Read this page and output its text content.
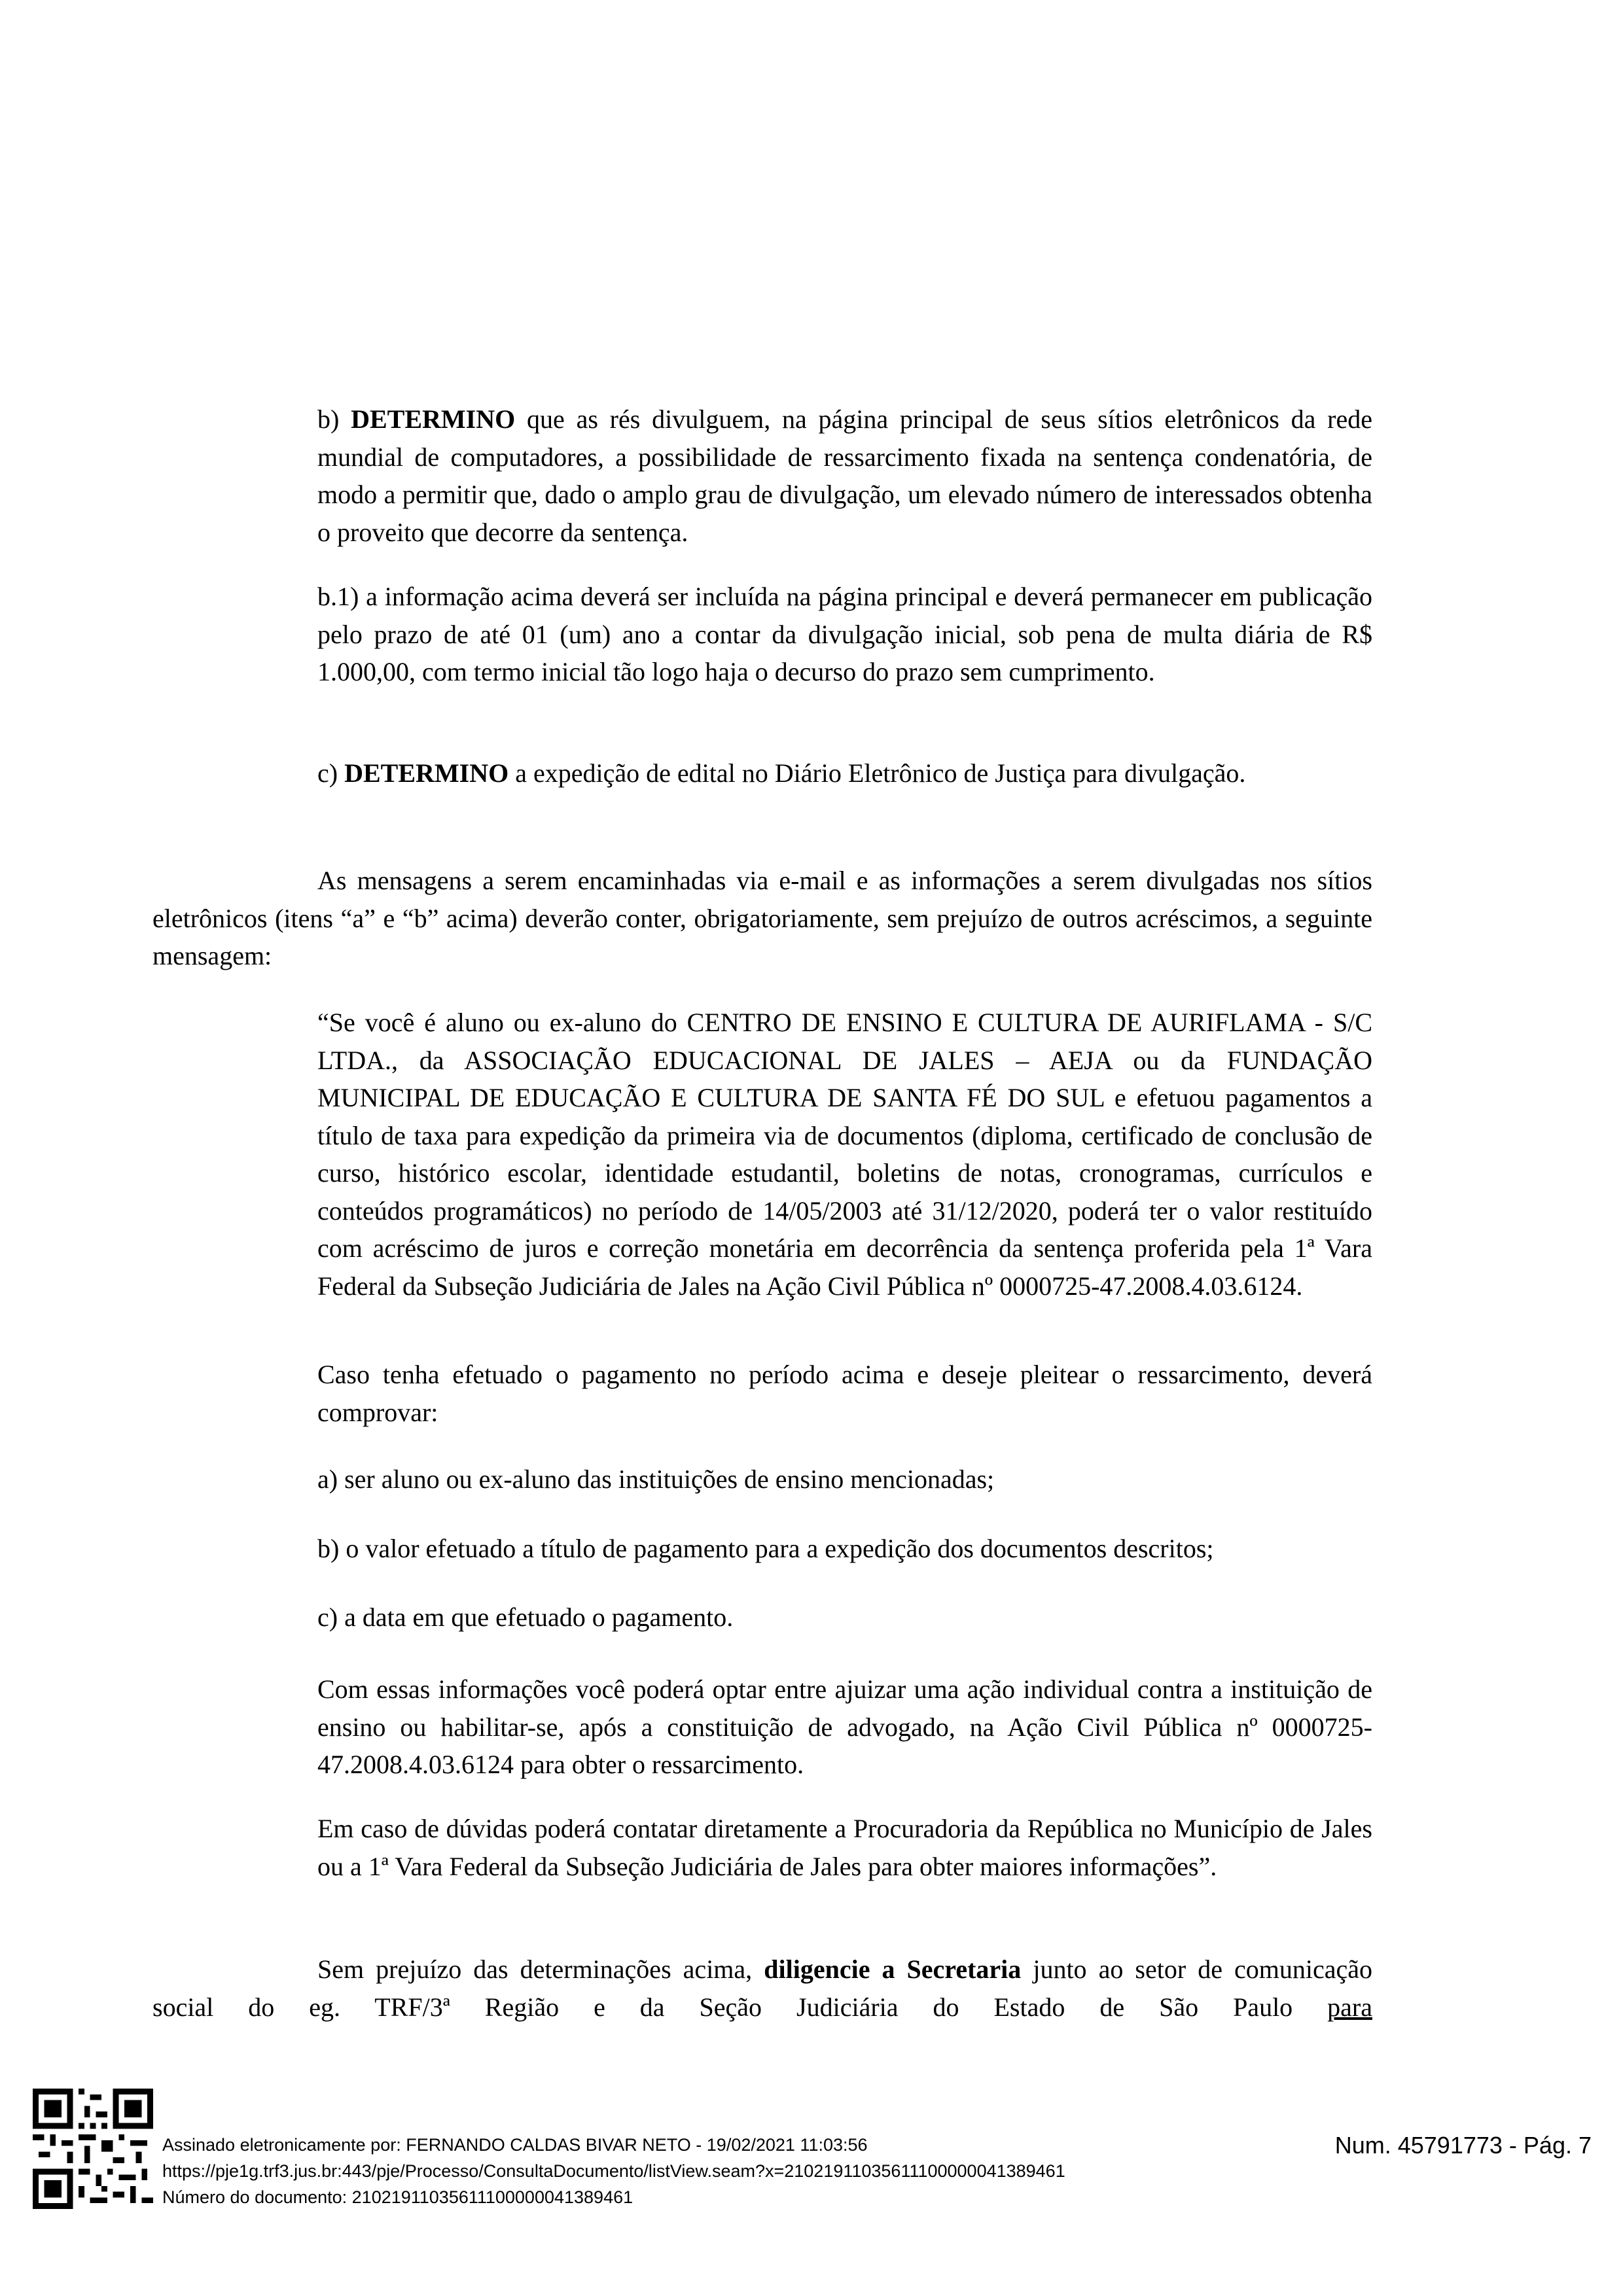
b) DETERMINO que as rés divulguem, na página principal de seus sítios eletrônicos da rede mundial de computadores, a possibilidade de ressarcimento fixada na sentença condenatória, de modo a permitir que, dado o amplo grau de divulgação, um elevado número de interessados obtenha o proveito que decorre da sentença.

b.1) a informação acima deverá ser incluída na página principal e deverá permanecer em publicação pelo prazo de até 01 (um) ano a contar da divulgação inicial, sob pena de multa diária de R$ 1.000,00, com termo inicial tão logo haja o decurso do prazo sem cumprimento.

c) DETERMINO a expedição de edital no Diário Eletrônico de Justiça para divulgação.

As mensagens a serem encaminhadas via e-mail e as informações a serem divulgadas nos sítios eletrônicos (itens “a” e “b” acima) deverão conter, obrigatoriamente, sem prejuízo de outros acréscimos, a seguinte mensagem:

“Se você é aluno ou ex-aluno do CENTRO DE ENSINO E CULTURA DE AURIFLAMA - S/C LTDA., da ASSOCIAÇÃO EDUCACIONAL DE JALES – AEJA ou da FUNDAÇÃO MUNICIPAL DE EDUCAÇÃO E CULTURA DE SANTA FÉ DO SUL e efetuou pagamentos a título de taxa para expedição da primeira via de documentos (diploma, certificado de conclusão de curso, histórico escolar, identidade estudantil, boletins de notas, cronogramas, currículos e conteúdos programáticos) no período de 14/05/2003 até 31/12/2020, poderá ter o valor restituído com acréscimo de juros e correção monetária em decorrência da sentença proferida pela 1ª Vara Federal da Subseção Judiciária de Jales na Ação Civil Pública nº 0000725-47.2008.4.03.6124.

Caso tenha efetuado o pagamento no período acima e deseje pleitear o ressarcimento, deverá comprovar:

a) ser aluno ou ex-aluno das instituições de ensino mencionadas;

b) o valor efetuado a título de pagamento para a expedição dos documentos descritos;

c) a data em que efetuado o pagamento.

Com essas informações você poderá optar entre ajuizar uma ação individual contra a instituição de ensino ou habilitar-se, após a constituição de advogado, na Ação Civil Pública nº 0000725-47.2008.4.03.6124 para obter o ressarcimento.

Em caso de dúvidas poderá contatar diretamente a Procuradoria da República no Município de Jales ou a 1ª Vara Federal da Subseção Judiciária de Jales para obter maiores informações”.

Sem prejuízo das determinações acima, diligencie a Secretaria junto ao setor de comunicação social do eg. TRF/3ª Região e da Seção Judiciária do Estado de São Paulo para

Assinado eletronicamente por: FERNANDO CALDAS BIVAR NETO - 19/02/2021 11:03:56
https://pje1g.trf3.jus.br:443/pje/Processo/ConsultaDocumento/listView.seam?x=21021911035611100000041389461
Número do documento: 21021911035611100000041389461
Num. 45791773 - Pág. 7
